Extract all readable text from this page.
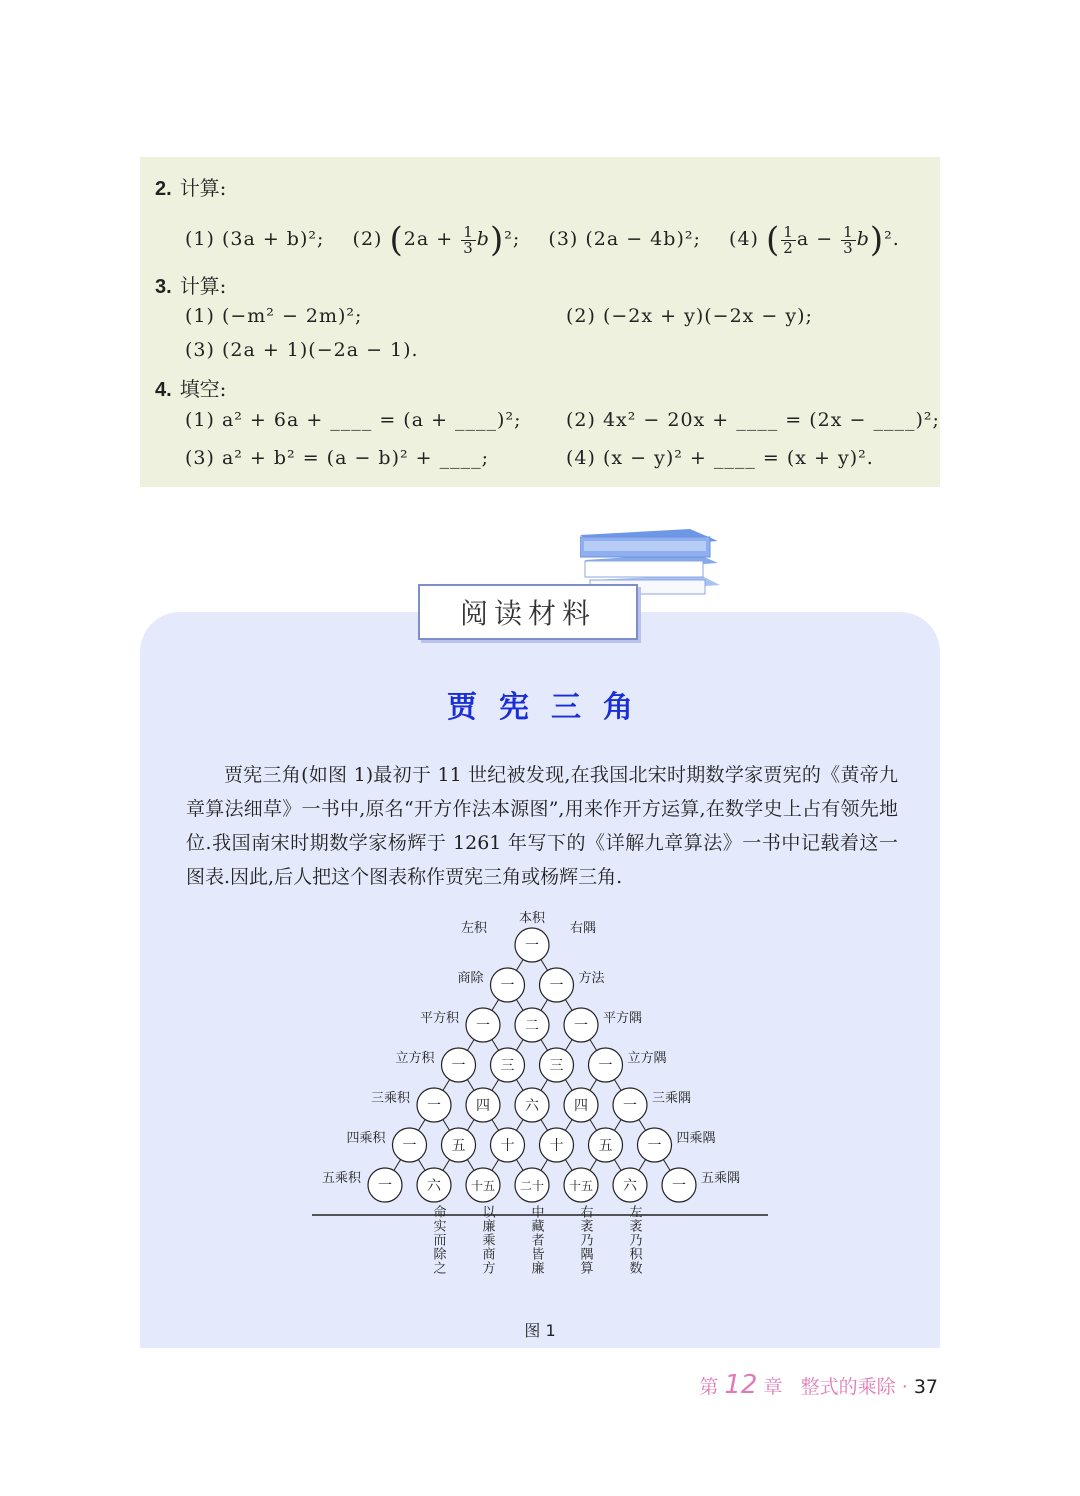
2. 计算:
(1) (3a + b)²; (2) $(2a + \frac{1}{3} b)^2$; (3) (2a − 4b)²; (4) ( $\frac{1}{2}$ $a - \frac{1}{3} b)^2$.
3. 计算:
(1) (−m² − 2m)²;	(2) (−2x + y)(−2x − y);
(3) (2a + 1)(−2a − 1).
4. 填空:
(1) a² + 6a + ____ = (a + ____)²; (2) 4x² − 20x + ____ = (2x − ____)²;
(3) a² + b² = (a − b)² + ____;	(4) (x − y)² + ____ = (x + y)².
阅读材料
贾宪三角
贾宪三角(如图 1)最初于 11 世纪被发现,在我国北宋时期数学家贾宪的《黄帝九章算法细草》一书中,原名“开方作法本源图”,用来作开方运算,在数学史上占有领先地位.我国南宋时期数学家杨辉于 1261 年写下的《详解九章算法》一书中记载着这一图表.因此,后人把这个图表称作贾宪三角或杨辉三角.
一
一	一
一	二	一
一	三	三	一
一	四	六	四	一
一	五	十	十	五	一
一	六 十五 二十 十五 六	一
本积
左积
商除
平方积
立方积
三乘积
四乘积
五乘积
右隅
方法
平方隅
立方隅
三乘隅
四乘隅
五乘隅
命实而除之	以廉乘商方	中藏者皆廉	右袤乃隅算	左袤乃积数
图 1
第 12 章 整式的乘除 · 37
